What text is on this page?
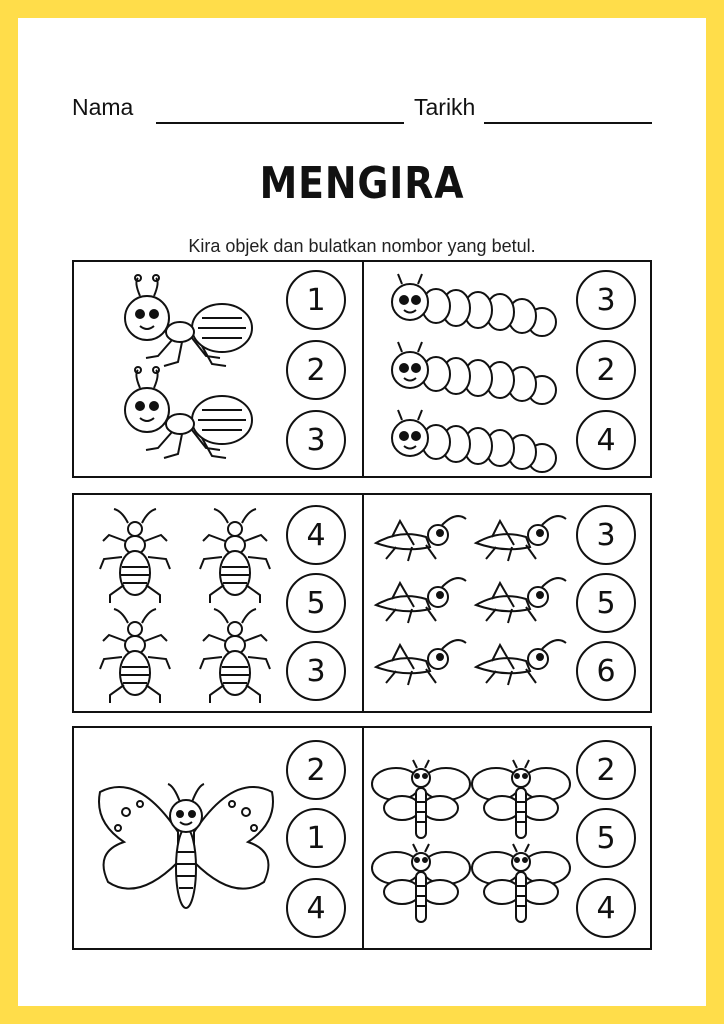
Nama	Tarikh
MENGIRA
Kira objek dan bulatkan nombor yang betul.
1
2
3
3
2
4
4
5
3
3
5
6
2
1
4
2
5
4
